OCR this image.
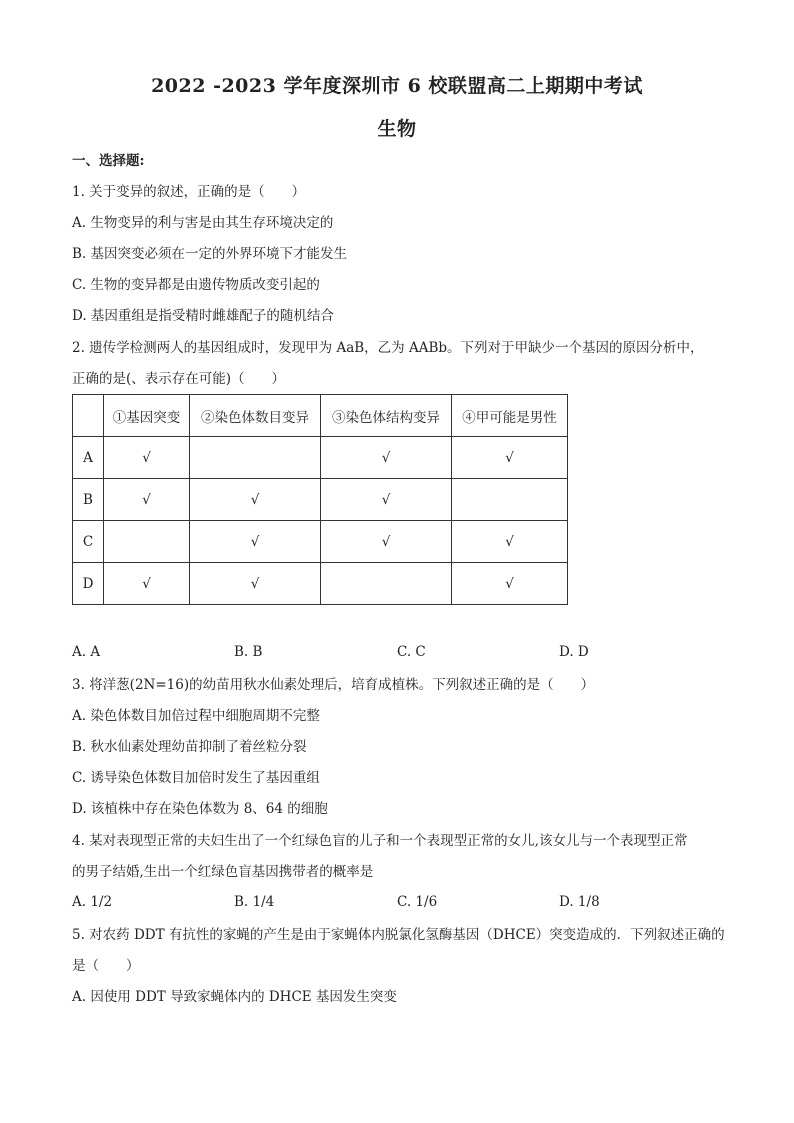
2022 -2023 学年度深圳市 6 校联盟高二上期期中考试
生物
一、选择题:
1. 关于变异的叙述，正确的是（　　）
A. 生物变异的利与害是由其生存环境决定的
B. 基因突变必须在一定的外界环境下才能发生
C. 生物的变异都是由遗传物质改变引起的
D. 基因重组是指受精时雌雄配子的随机结合
2. 遗传学检测两人的基因组成时，发现甲为 AaB，乙为 AABb。下列对于甲缺少一个基因的原因分析中，
正确的是(、表示存在可能)（　　）
	①基因突变	②染色体数目变异	③染色体结构变异	④甲可能是男性
A	√		√	√
B	√	√	√	
C		√	√	√
D	√	√		√
A. A	B. B	C. C	D. D
3. 将洋葱(2N=16)的幼苗用秋水仙素处理后，培育成植株。下列叙述正确的是（　　）
A. 染色体数目加倍过程中细胞周期不完整
B. 秋水仙素处理幼苗抑制了着丝粒分裂
C. 诱导染色体数目加倍时发生了基因重组
D. 该植株中存在染色体数为 8、64 的细胞
4. 某对表现型正常的夫妇生出了一个红绿色盲的儿子和一个表现型正常的女儿,该女儿与一个表现型正常
的男子结婚,生出一个红绿色盲基因携带者的概率是
A. 1/2	B. 1/4	C. 1/6	D. 1/8
5. 对农药 DDT 有抗性的家蝇的产生是由于家蝇体内脱氯化氢酶基因（DHCE）突变造成的．下列叙述正确的
是（　　）
A. 因使用 DDT 导致家蝇体内的 DHCE 基因发生突变
